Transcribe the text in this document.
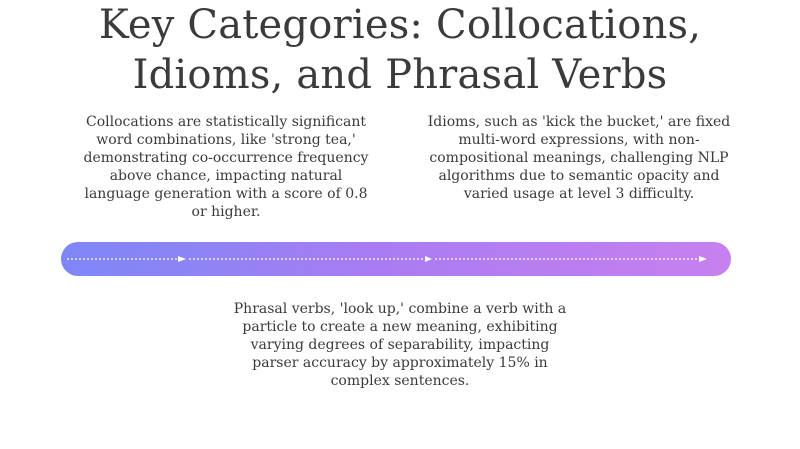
Key Categories: Collocations,
Idioms, and Phrasal Verbs
Collocations are statistically significant word combinations, like 'strong tea,' demonstrating co-occurrence frequency above chance, impacting natural language generation with a score of 0.8 or higher.
Idioms, such as 'kick the bucket,' are fixed multi-word expressions, with non-compositional meanings, challenging NLP algorithms due to semantic opacity and varied usage at level 3 difficulty.
Phrasal verbs, 'look up,' combine a verb with a particle to create a new meaning, exhibiting varying degrees of separability, impacting parser accuracy by approximately 15% in complex sentences.
